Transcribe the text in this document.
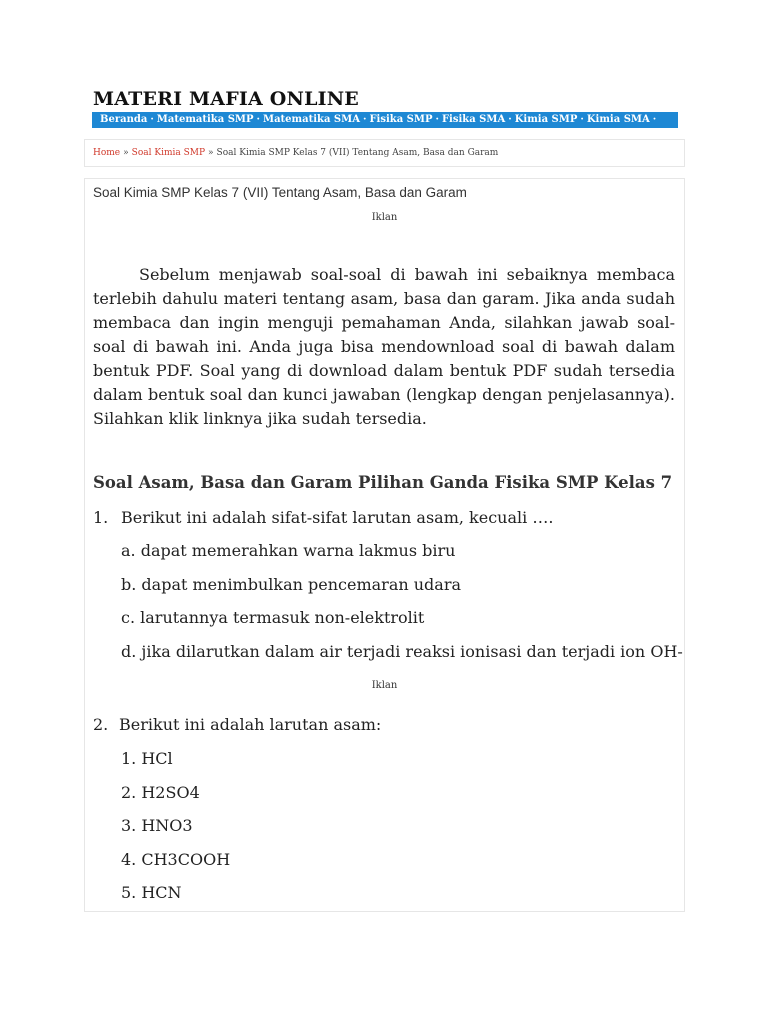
MATERI MAFIA ONLINE
Beranda · Matematika SMP · Matematika SMA · Fisika SMP · Fisika SMA · Kimia SMP · Kimia SMA ·
Home » Soal Kimia SMP » Soal Kimia SMP Kelas 7 (VII) Tentang Asam, Basa dan Garam
Soal Kimia SMP Kelas 7 (VII) Tentang Asam, Basa dan Garam
Iklan

Sebelum menjawab soal-soal di bawah ini sebaiknya membaca terlebih dahulu materi tentang asam, basa dan garam. Jika anda sudah membaca dan ingin menguji pemahaman Anda, silahkan jawab soal-soal di bawah ini. Anda juga bisa mendownload soal di bawah dalam bentuk PDF. Soal yang di download dalam bentuk PDF sudah tersedia dalam bentuk soal dan kunci jawaban (lengkap dengan penjelasannya). Silahkan klik linknya jika sudah tersedia.

Soal Asam, Basa dan Garam Pilihan Ganda Fisika SMP Kelas 7
1. Berikut ini adalah sifat-sifat larutan asam, kecuali ….
a. dapat memerahkan warna lakmus biru
b. dapat menimbulkan pencemaran udara
c. larutannya termasuk non-elektrolit
d. jika dilarutkan dalam air terjadi reaksi ionisasi dan terjadi ion OH-
Iklan
2. Berikut ini adalah larutan asam:
1. HCl
2. H2SO4
3. HNO3
4. CH3COOH
5. HCN
